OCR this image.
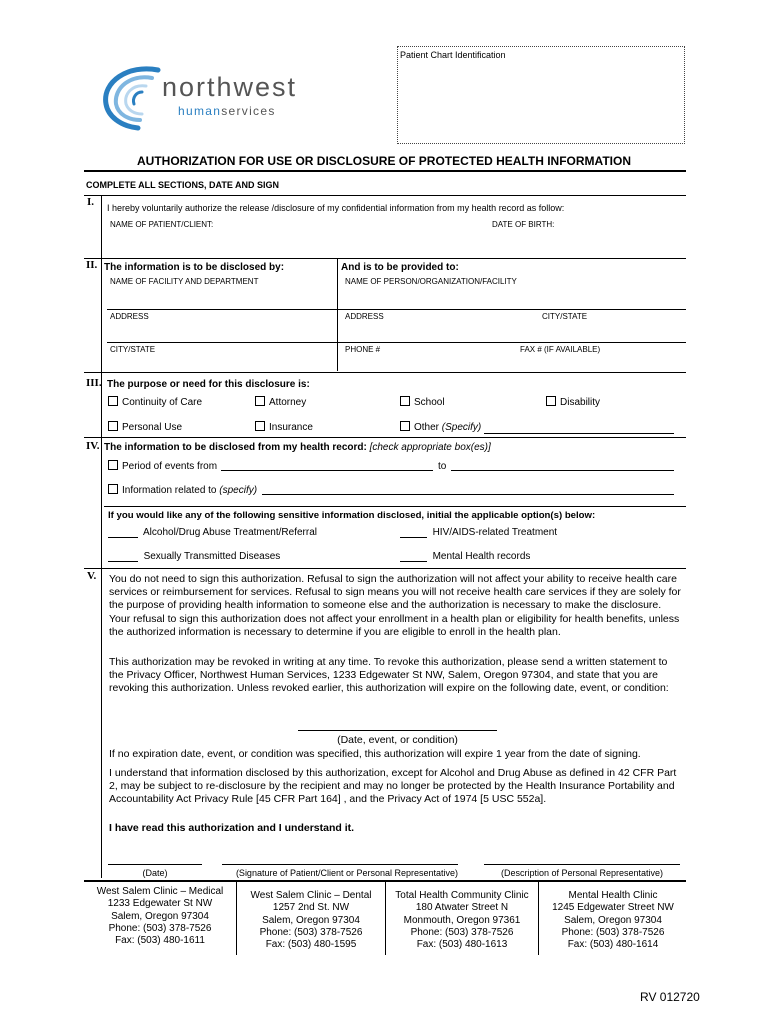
northwest
humanservices
Patient Chart Identification
AUTHORIZATION FOR USE OR DISCLOSURE OF PROTECTED HEALTH INFORMATION
COMPLETE ALL SECTIONS, DATE AND SIGN
I. I hereby voluntarily authorize the release /disclosure of my confidential information from my health record as follow:
NAME OF PATIENT/CLIENT:	DATE OF BIRTH:
II. The information is to be disclosed by:	And is to be provided to:
NAME OF FACILITY AND DEPARTMENT	NAME OF PERSON/ORGANIZATION/FACILITY
ADDRESS	ADDRESS	CITY/STATE
CITY/STATE	PHONE #	FAX # (IF AVAILABLE)
III. The purpose or need for this disclosure is:
Continuity of Care	Attorney	School	Disability
Personal Use	Insurance	Other (Specify)
IV. The information to be disclosed from my health record: [check appropriate box(es)]
Period of events from	to
Information related to (specify)
If you would like any of the following sensitive information disclosed, initial the applicable option(s) below:
Alcohol/Drug Abuse Treatment/Referral	HIV/AIDS-related Treatment
Sexually Transmitted Diseases	Mental Health records
V. You do not need to sign this authorization. Refusal to sign the authorization will not affect your ability to receive health care services or reimbursement for services. Refusal to sign means you will not receive health care services if they are solely for the purpose of providing health information to someone else and the authorization is necessary to make the disclosure. Your refusal to sign this authorization does not affect your enrollment in a health plan or eligibility for health benefits, unless the authorized information is necessary to determine if you are eligible to enroll in the health plan.
This authorization may be revoked in writing at any time. To revoke this authorization, please send a written statement to the Privacy Officer, Northwest Human Services, 1233 Edgewater St NW, Salem, Oregon 97304, and state that you are revoking this authorization. Unless revoked earlier, this authorization will expire on the following date, event, or condition:
(Date, event, or condition)
If no expiration date, event, or condition was specified, this authorization will expire 1 year from the date of signing.
I understand that information disclosed by this authorization, except for Alcohol and Drug Abuse as defined in 42 CFR Part 2, may be subject to re-disclosure by the recipient and may no longer be protected by the Health Insurance Portability and Accountability Act Privacy Rule [45 CFR Part 164] , and the Privacy Act of 1974 [5 USC 552a].
I have read this authorization and I understand it.
(Date)	(Signature of Patient/Client or Personal Representative)	(Description of Personal Representative)
West Salem Clinic – Medical
1233 Edgewater St NW
Salem, Oregon 97304
Phone: (503) 378-7526
Fax: (503) 480-1611
West Salem Clinic – Dental
1257 2nd St. NW
Salem, Oregon 97304
Phone: (503) 378-7526
Fax: (503) 480-1595
Total Health Community Clinic
180 Atwater Street N
Monmouth, Oregon 97361
Phone: (503) 378-7526
Fax: (503) 480-1613
Mental Health Clinic
1245 Edgewater Street NW
Salem, Oregon 97304
Phone: (503) 378-7526
Fax: (503) 480-1614
RV 012720
